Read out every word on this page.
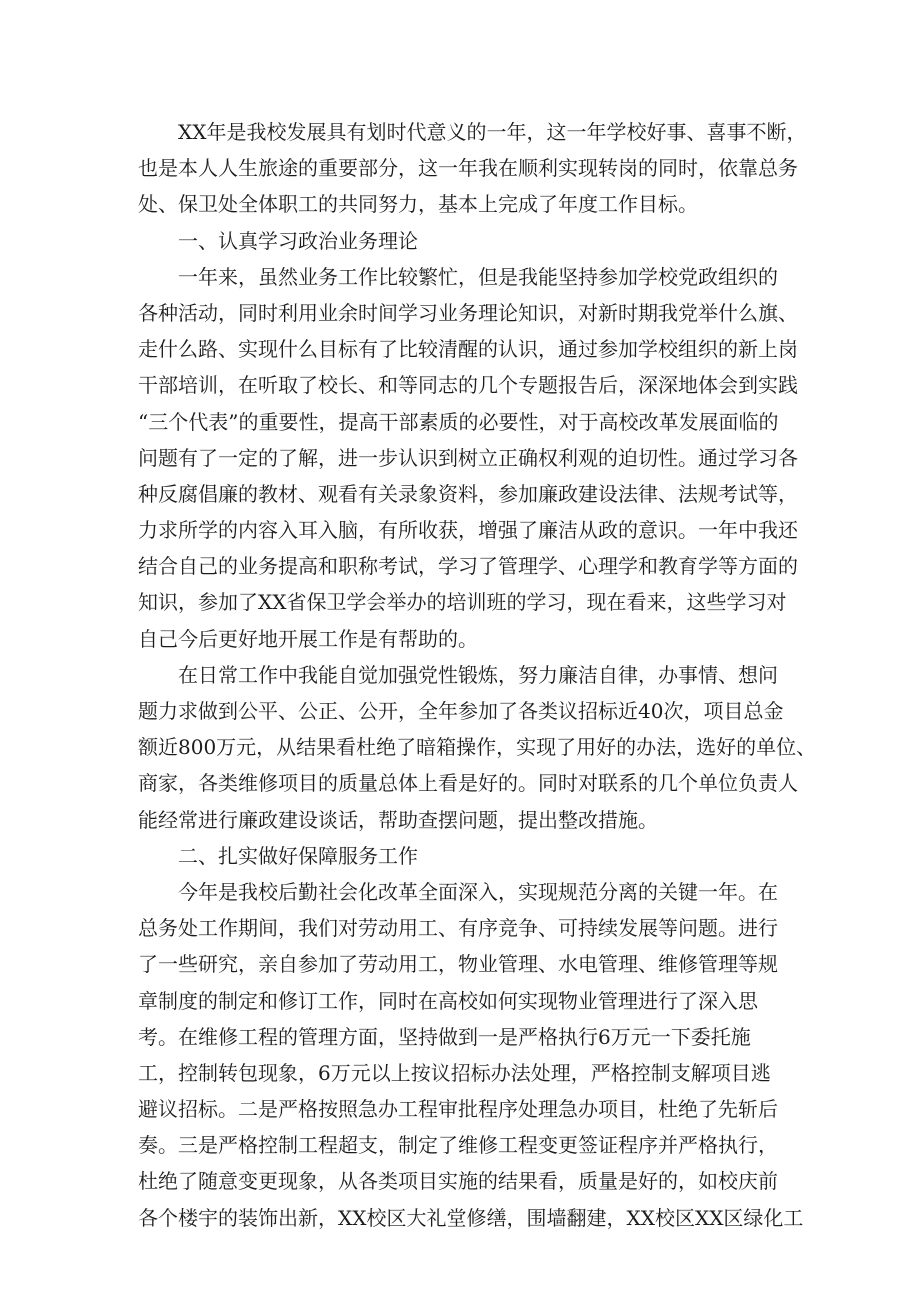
　　XX年是我校发展具有划时代意义的一年，这一年学校好事、喜事不断，
也是本人人生旅途的重要部分，这一年我在顺利实现转岗的同时，依靠总务
处、保卫处全体职工的共同努力，基本上完成了年度工作目标。
　　一、认真学习政治业务理论
　　一年来，虽然业务工作比较繁忙，但是我能坚持参加学校党政组织的
各种活动，同时利用业余时间学习业务理论知识，对新时期我党举什么旗、
走什么路、实现什么目标有了比较清醒的认识，通过参加学校组织的新上岗
干部培训，在听取了校长、和等同志的几个专题报告后，深深地体会到实践
“三个代表”的重要性，提高干部素质的必要性，对于高校改革发展面临的
问题有了一定的了解，进一步认识到树立正确权利观的迫切性。通过学习各
种反腐倡廉的教材、观看有关录象资料，参加廉政建设法律、法规考试等，
力求所学的内容入耳入脑，有所收获，增强了廉洁从政的意识。一年中我还
结合自己的业务提高和职称考试，学习了管理学、心理学和教育学等方面的
知识，参加了XX省保卫学会举办的培训班的学习，现在看来，这些学习对
自己今后更好地开展工作是有帮助的。
　　在日常工作中我能自觉加强党性锻炼，努力廉洁自律，办事情、想问
题力求做到公平、公正、公开，全年参加了各类议招标近40次，项目总金
额近800万元，从结果看杜绝了暗箱操作，实现了用好的办法，选好的单位、
商家，各类维修项目的质量总体上看是好的。同时对联系的几个单位负责人
能经常进行廉政建设谈话，帮助查摆问题，提出整改措施。
　　二、扎实做好保障服务工作
　　今年是我校后勤社会化改革全面深入，实现规范分离的关键一年。在
总务处工作期间，我们对劳动用工、有序竞争、可持续发展等问题。进行
了一些研究，亲自参加了劳动用工，物业管理、水电管理、维修管理等规
章制度的制定和修订工作，同时在高校如何实现物业管理进行了深入思
考。在维修工程的管理方面，坚持做到一是严格执行6万元一下委托施
工，控制转包现象，6万元以上按议招标办法处理，严格控制支解项目逃
避议招标。二是严格按照急办工程审批程序处理急办项目，杜绝了先斩后
奏。三是严格控制工程超支，制定了维修工程变更签证程序并严格执行，
杜绝了随意变更现象，从各类项目实施的结果看，质量是好的，如校庆前
各个楼宇的装饰出新，XX校区大礼堂修缮，围墙翻建，XX校区XX区绿化工
